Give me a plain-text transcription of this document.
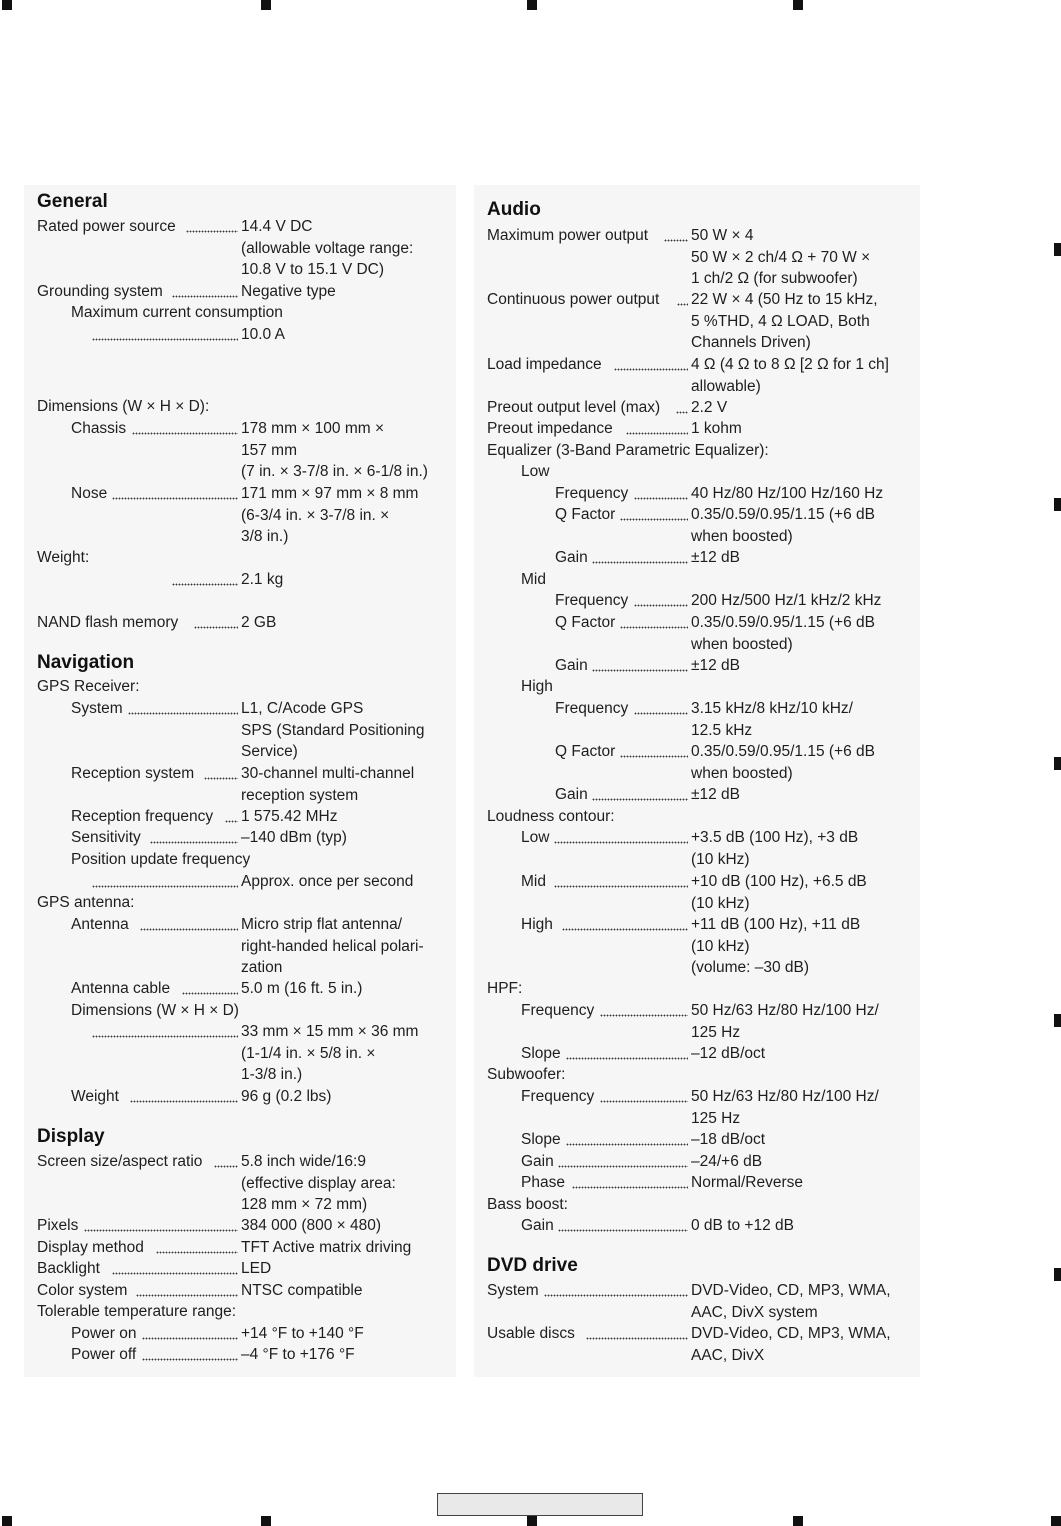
General
Rated power source	14.4 V DC
(allowable voltage range:
10.8 V to 15.1 V DC)
Grounding system	Negative type
Maximum current consumption
10.0 A
Dimensions (W × H × D):
Chassis	178 mm × 100 mm ×
157 mm
(7 in. × 3-7/8 in. × 6-1/8 in.)
Nose	171 mm × 97 mm × 8 mm
(6-3/4 in. × 3-7/8 in. ×
3/8 in.)
Weight:
2.1 kg
NAND flash memory	2 GB
Navigation
GPS Receiver:
System	L1, C/Acode GPS
SPS (Standard Positioning
Service)
Reception system	30-channel multi-channel
reception system
Reception frequency 1 575.42 MHz
Sensitivity	–140 dBm (typ)
Position update frequency
Approx. once per second
GPS antenna:
Antenna	Micro strip flat antenna/
right-handed helical polari-
zation
Antenna cable	5.0 m (16 ft. 5 in.)
Dimensions (W × H × D)
33 mm × 15 mm × 36 mm
(1-1/4 in. × 5/8 in. ×
1-3/8 in.)
Weight	96 g (0.2 lbs)
Display
Screen size/aspect ratio 5.8 inch wide/16:9
(effective display area:
128 mm × 72 mm)
Pixels	384 000 (800 × 480)
Display method	TFT Active matrix driving
Backlight	LED
Color system	NTSC compatible
Tolerable temperature range:
Power on	+14 °F to +140 °F
Power off	–4 °F to +176 °F
Audio
Maximum power output	50 W × 4
50 W × 2 ch/4 Ω + 70 W ×
1 ch/2 Ω (for subwoofer)
Continuous power output 22 W × 4 (50 Hz to 15 kHz,
5 %THD, 4 Ω LOAD, Both
Channels Driven)
Load impedance	4 Ω (4 Ω to 8 Ω [2 Ω for 1 ch]
allowable)
Preout output level (max) 2.2 V
Preout impedance	1 kohm
Equalizer (3-Band Parametric Equalizer):
Low
Frequency	40 Hz/80 Hz/100 Hz/160 Hz
Q Factor	0.35/0.59/0.95/1.15 (+6 dB
when boosted)
Gain	±12 dB
Mid
Frequency	200 Hz/500 Hz/1 kHz/2 kHz
Q Factor	0.35/0.59/0.95/1.15 (+6 dB
when boosted)
Gain	±12 dB
High
Frequency	3.15 kHz/8 kHz/10 kHz/
12.5 kHz
Q Factor	0.35/0.59/0.95/1.15 (+6 dB
when boosted)
Gain	±12 dB
Loudness contour:
Low	+3.5 dB (100 Hz), +3 dB
(10 kHz)
Mid	+10 dB (100 Hz), +6.5 dB
(10 kHz)
High	+11 dB (100 Hz), +11 dB
(10 kHz)
(volume: –30 dB)
HPF:
Frequency	50 Hz/63 Hz/80 Hz/100 Hz/
125 Hz
Slope	–12 dB/oct
Subwoofer:
Frequency	50 Hz/63 Hz/80 Hz/100 Hz/
125 Hz
Slope	–18 dB/oct
Gain	–24/+6 dB
Phase	Normal/Reverse
Bass boost:
Gain	0 dB to +12 dB
DVD drive
System	DVD-Video, CD, MP3, WMA,
AAC, DivX system
Usable discs	DVD-Video, CD, MP3, WMA,
AAC, DivX
